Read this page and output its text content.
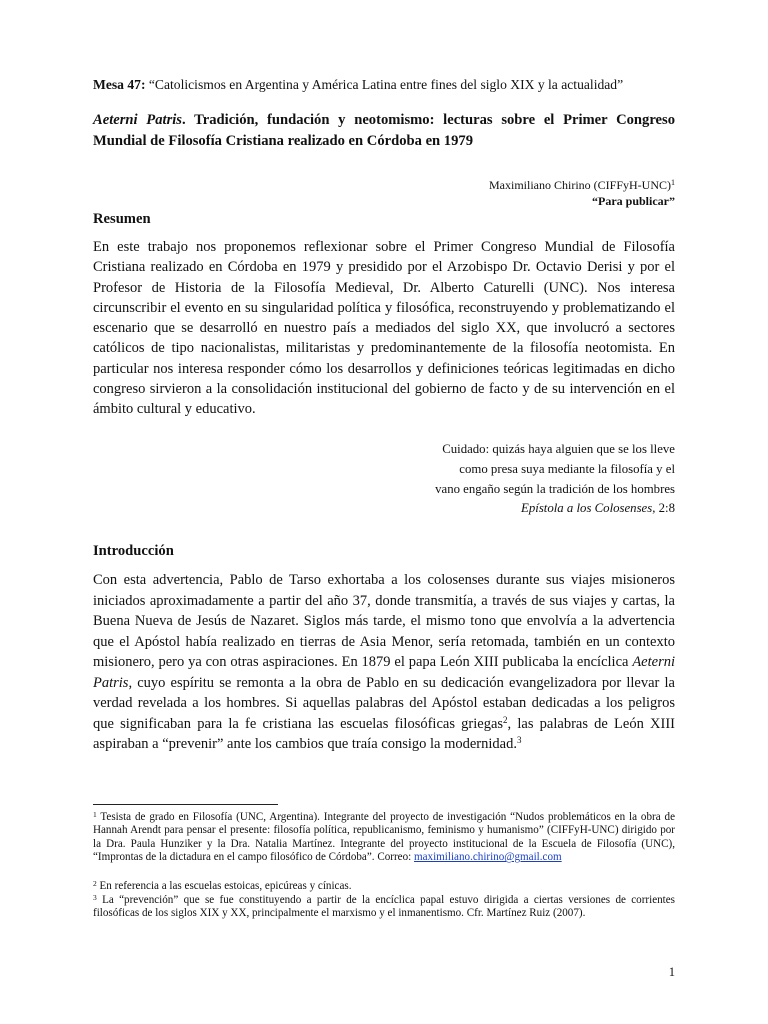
Mesa 47: “Catolicismos en Argentina y América Latina entre fines del siglo XIX y la actualidad”
Aeterni Patris. Tradición, fundación y neotomismo: lecturas sobre el Primer Congreso Mundial de Filosofía Cristiana realizado en Córdoba en 1979
Maximiliano Chirino (CIFFyH-UNC)$^1$
“Para publicar”
Resumen
En este trabajo nos proponemos reflexionar sobre el Primer Congreso Mundial de Filosofía Cristiana realizado en Córdoba en 1979 y presidido por el Arzobispo Dr. Octavio Derisi y por el Profesor de Historia de la Filosofía Medieval, Dr. Alberto Caturelli (UNC). Nos interesa circunscribir el evento en su singularidad política y filosófica, reconstruyendo y problematizando el escenario que se desarrolló en nuestro país a mediados del siglo XX, que involucró a sectores católicos de tipo nacionalistas, militaristas y predominantemente de la filosofía neotomista. En particular nos interesa responder cómo los desarrollos y definiciones teóricas legitimadas en dicho congreso sirvieron a la consolidación institucional del gobierno de facto y de su intervención en el ámbito cultural y educativo.
Cuidado: quizás haya alguien que se los lleve
como presa suya mediante la filosofía y el
vano engaño según la tradición de los hombres
Epístola a los Colosenses, 2:8
Introducción
Con esta advertencia, Pablo de Tarso exhortaba a los colosenses durante sus viajes misioneros iniciados aproximadamente a partir del año 37, donde transmitía, a través de sus viajes y cartas, la Buena Nueva de Jesús de Nazaret. Siglos más tarde, el mismo tono que envolvía a la advertencia que el Apóstol había realizado en tierras de Asia Menor, sería retomada, también en un contexto misionero, pero ya con otras aspiraciones. En 1879 el papa León XIII publicaba la encíclica Aeterni Patris, cuyo espíritu se remonta a la obra de Pablo en su dedicación evangelizadora por llevar la verdad revelada a los hombres. Si aquellas palabras del Apóstol estaban dedicadas a los peligros que significaban para la fe cristiana las escuelas filosóficas griegas$^2$, las palabras de León XIII aspiraban a “prevenir” ante los cambios que traía consigo la modernidad.$^3$
$^1$ Tesista de grado en Filosofía (UNC, Argentina). Integrante del proyecto de investigación “Nudos problemáticos en la obra de Hannah Arendt para pensar el presente: filosofía política, republicanismo, feminismo y humanismo” (CIFFyH-UNC) dirigido por la Dra. Paula Hunziker y la Dra. Natalia Martínez. Integrante del proyecto institucional de la Escuela de Filosofía (UNC), “Improntas de la dictadura en el campo filosófico de Córdoba”. Correo: maximiliano.chirino@gmail.com
$^2$ En referencia a las escuelas estoicas, epicúreas y cínicas.
$^3$ La “prevención” que se fue constituyendo a partir de la encíclica papal estuvo dirigida a ciertas versiones de corrientes filosóficas de los siglos XIX y XX, principalmente el marxismo y el inmanentismo. Cfr. Martínez Ruiz (2007).
1
